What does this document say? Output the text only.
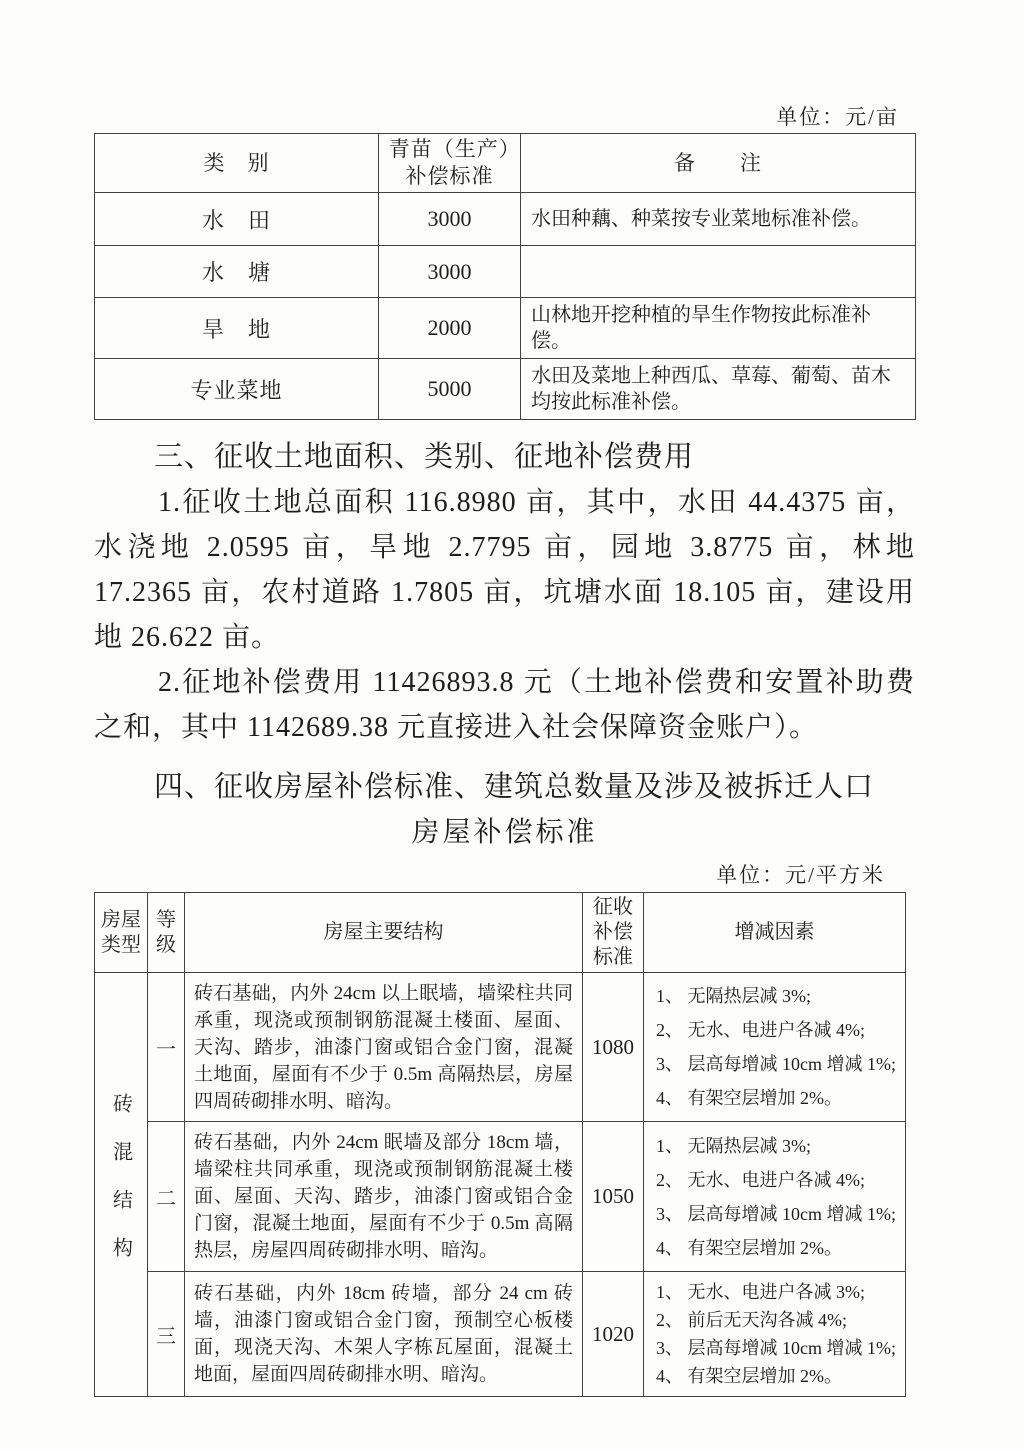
单位：元/亩
类　别	青苗（生产）补偿标准	备　　注
水　田	3000	水田种藕、种菜按专业菜地标准补偿。
水　塘	3000	
旱　地	2000	山林地开挖种植的旱生作物按此标准补偿。
专业菜地	5000	水田及菜地上种西瓜、草莓、葡萄、苗木均按此标准补偿。
三、征收土地面积、类别、征地补偿费用

1.征收土地总面积 116.8980 亩，其中，水田 44.4375 亩，水浇地 2.0595 亩，旱地 2.7795 亩，园地 3.8775 亩，林地 17.2365 亩，农村道路 1.7805 亩，坑塘水面 18.105 亩，建设用地 26.622 亩。

2.征地补偿费用 11426893.8 元（土地补偿费和安置补助费之和，其中 1142689.38 元直接进入社会保障资金账户）。

四、征收房屋补偿标准、建筑总数量及涉及被拆迁人口
房屋补偿标准
单位：元/平方米
房屋类型	等级	房屋主要结构	征收补偿标准	增减因素
砖混结构	一	砖石基础，内外 24cm 以上眠墙，墙梁柱共同承重，现浇或预制钢筋混凝土楼面、屋面、天沟、踏步，油漆门窗或铝合金门窗，混凝土地面，屋面有不少于 0.5m 高隔热层，房屋四周砖砌排水明、暗沟。	1080	1、 无隔热层减 3%;
2、 无水、电进户各减 4%;
3、 层高每增减 10cm 增减 1%;
4、 有架空层增加 2%。

	二	砖石基础，内外 24cm 眠墙及部分 18cm 墙，墙梁柱共同承重，现浇或预制钢筋混凝土楼面、屋面、天沟、踏步，油漆门窗或铝合金门窗，混凝土地面，屋面有不少于 0.5m 高隔热层，房屋四周砖砌排水明、暗沟。	1050	1、 无隔热层减 3%;
2、 无水、电进户各减 4%;
3、 层高每增减 10cm 增减 1%;
4、 有架空层增加 2%。

	三	砖石基础，内外 18cm 砖墙，部分 24 cm 砖墙，油漆门窗或铝合金门窗，预制空心板楼面，现浇天沟、木架人字栋瓦屋面，混凝土地面，屋面四周砖砌排水明、暗沟。	1020	1、 无水、电进户各减 3%;
2、 前后无天沟各减 4%;
3、 层高每增减 10cm 增减 1%;
4、 有架空层增加 2%。
